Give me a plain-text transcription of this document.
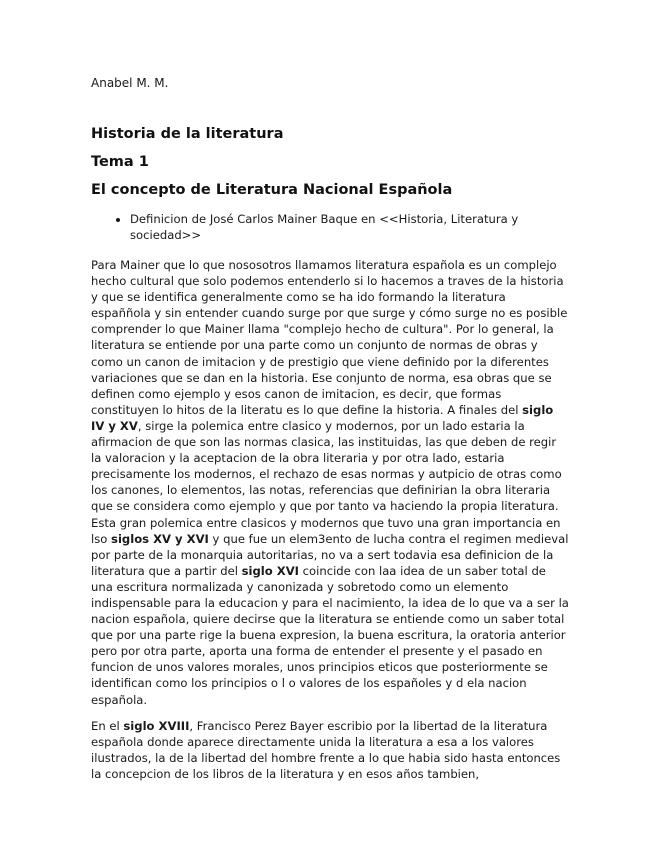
Anabel M. M.
Historia de la literatura
Tema 1
El concepto de Literatura Nacional Española
• Definicion de José Carlos Mainer Baque en <<Historia, Literatura y sociedad>>

Para Mainer que lo que nososotros llamamos literatura española es un complejo hecho cultural que solo podemos entenderlo si lo hacemos a traves de la historia y que se identifica generalmente como se ha ido formando la literatura españñola y sin entender cuando surge por que surge y cómo surge no es posible comprender lo que Mainer llama "complejo hecho de cultura". Por lo general, la literatura se entiende por una parte como un conjunto de normas de obras y como un canon de imitacion y de prestigio que viene definido por la diferentes variaciones que se dan en la historia. Ese conjunto de norma, esa obras que se definen como ejemplo y esos canon de imitacion, es decir, que formas constituyen lo hitos de la literatu es lo que define la historia. A finales del siglo IV y XV, sirge la polemica entre clasico y modernos, por un lado estaria la afirmacion de que son las normas clasica, las instituidas, las que deben de regir la valoracion y la aceptacion de la obra literaria y por otra lado, estaria precisamente los modernos, el rechazo de esas normas y autpicio de otras como los canones, lo elementos, las notas, referencias que definirian la obra literaria que se considera como ejemplo y que por tanto va haciendo la propia literatura. Esta gran polemica entre clasicos y modernos que tuvo una gran importancia en lso siglos XV y XVI y que fue un elem3ento de lucha contra el regimen medieval por parte de la monarquia autoritarias, no va a sert todavia esa definicion de la literatura que a partir del siglo XVI coincide con laa idea de un saber total de una escritura normalizada y canonizada y sobretodo como un elemento indispensable para la educacion y para el nacimiento, la idea de lo que va a ser la nacion española, quiere decirse que la literatura se entiende como un saber total que por una parte rige la buena expresion, la buena escritura, la oratoria anterior pero por otra parte, aporta una forma de entender el presente y el pasado en funcion de unos valores morales, unos principios eticos que posteriormente se identifican como los principios o l o valores de los españoles y d ela nacion española.

En el siglo XVIII, Francisco Perez Bayer escribio por la libertad de la literatura española donde aparece directamente unida la literatura a esa a los valores ilustrados, la de la libertad del hombre frente a lo que habia sido hasta entonces la concepcion de los libros de la literatura y en esos años tambien,
